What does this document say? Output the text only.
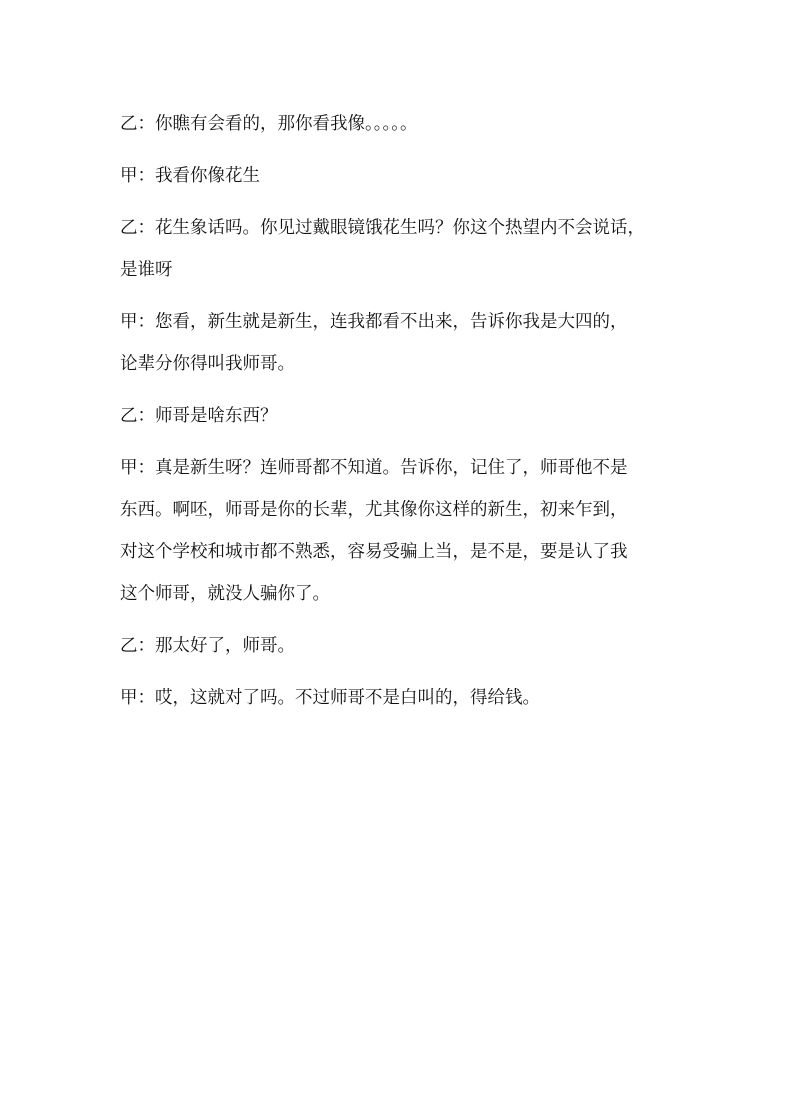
乙：你瞧有会看的，那你看我像。。。。。

甲：我看你像花生

乙：花生象话吗。你见过戴眼镜饿花生吗？你这个热望内不会说话，
是谁呀

甲：您看，新生就是新生，连我都看不出来，告诉你我是大四的，
论辈分你得叫我师哥。

乙：师哥是啥东西？

甲：真是新生呀？连师哥都不知道。告诉你，记住了，师哥他不是
东西。啊呸，师哥是你的长辈，尤其像你这样的新生，初来乍到，
对这个学校和城市都不熟悉，容易受骗上当，是不是，要是认了我
这个师哥，就没人骗你了。

乙：那太好了，师哥。

甲：哎，这就对了吗。不过师哥不是白叫的，得给钱。
